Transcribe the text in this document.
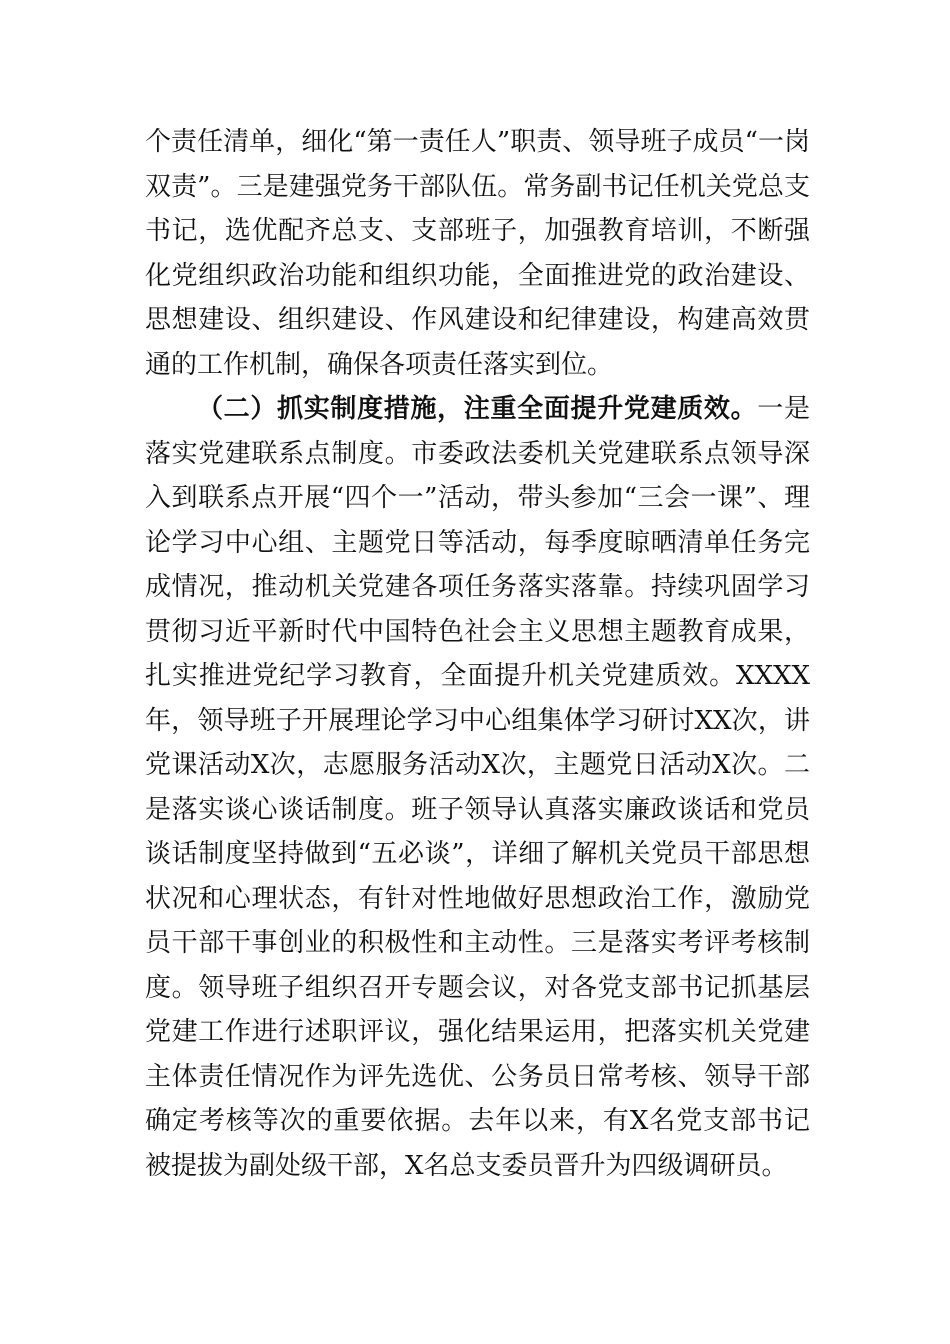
个责任清单，细化“第一责任人”职责、领导班子成员“一岗双责”。三是建强党务干部队伍。常务副书记任机关党总支书记，选优配齐总支、支部班子，加强教育培训，不断强化党组织政治功能和组织功能，全面推进党的政治建设、思想建设、组织建设、作风建设和纪律建设，构建高效贯通的工作机制，确保各项责任落实到位。

（二）抓实制度措施，注重全面提升党建质效。一是落实党建联系点制度。市委政法委机关党建联系点领导深入到联系点开展“四个一”活动，带头参加“三会一课”、理论学习中心组、主题党日等活动，每季度晾晒清单任务完成情况，推动机关党建各项任务落实落靠。持续巩固学习贯彻习近平新时代中国特色社会主义思想主题教育成果，扎实推进党纪学习教育，全面提升机关党建质效。XXXX年，领导班子开展理论学习中心组集体学习研讨XX次，讲党课活动X次，志愿服务活动X次，主题党日活动X次。二是落实谈心谈话制度。班子领导认真落实廉政谈话和党员谈话制度坚持做到“五必谈”，详细了解机关党员干部思想状况和心理状态，有针对性地做好思想政治工作，激励党员干部干事创业的积极性和主动性。三是落实考评考核制度。领导班子组织召开专题会议，对各党支部书记抓基层党建工作进行述职评议，强化结果运用，把落实机关党建主体责任情况作为评先选优、公务员日常考核、领导干部确定考核等次的重要依据。去年以来，有X名党支部书记被提拔为副处级干部，X名总支委员晋升为四级调研员。
